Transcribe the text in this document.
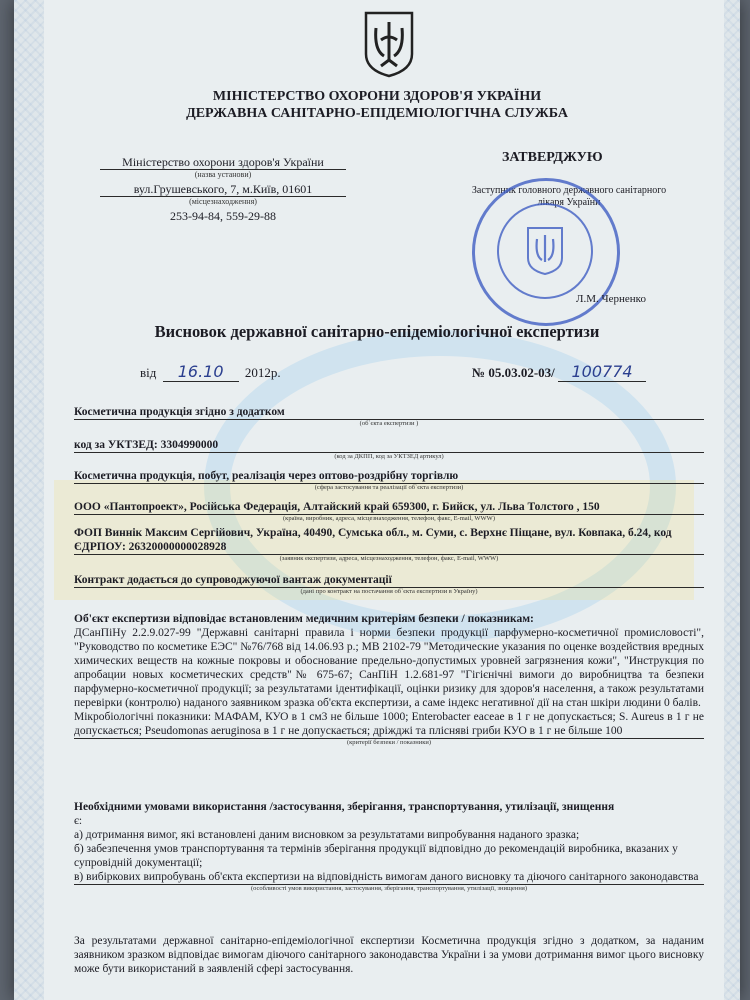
МІНІСТЕРСТВО ОХОРОНИ ЗДОРОВ'Я УКРАЇНИ
ДЕРЖАВНА САНІТАРНО-ЕПІДЕМІОЛОГІЧНА СЛУЖБА
Міністерство охорони здоров'я України
(назва установи)
вул.Грушевського, 7, м.Київ, 01601
(місцезнаходження)
253-94-84, 559-29-88
ЗАТВЕРДЖУЮ
Заступник головного державного санітарного лікаря України
Л.М. Черненко
Висновок державної санітарно-епідеміологічної експертизи
від 16.10 2012р.	№ 05.03.02-03/ 100774
Косметична продукція згідно з додатком
(об`єкта експертизи )
код за УКТЗЕД: 3304990000
(код за ДКПП, код за УКТЗЕД артикул)
Косметична продукція, побут, реалізація через оптово-роздрібну торгівлю
(сфера застосування та реалізації об`єкта експертизи)
ООО «Пантопроект», Російська Федерація, Алтайский край 659300, г. Бийск, ул. Льва Толстого , 150
(країна, виробник, адреса, місцезнаходження, телефон, факс, E-mail, WWW)
ФОП Виннік Максим Сергійович, Україна, 40490, Сумська обл., м. Суми, с. Верхнє Піщане, вул. Ковпака, б.24, код ЄДРПОУ: 26320000000028928
(заявник експертизи, адреса, місцезнаходження, телефон, факс, E-mail, WWW)
Контракт додається до супроводжуючої вантаж документації
(дані про контракт на постачання об`єкта експертизи в Україну)
Об'єкт експертизи відповідає встановленим медичним критеріям безпеки / показникам:
ДСанПіНу 2.2.9.027-99 "Державні санітарні правила і норми безпеки продукції парфумерно-косметичної промисловості", "Руководство по косметике ЕЭС" №76/768 від 14.06.93 р.; МВ 2102-79 "Методические указания по оценке воздействия вредных химических веществ на кожные покровы и обоснование предельно-допустимых уровней загрязнения кожи", "Инструкция по апробации новых косметических средств"№ 675-67; СанПіН 1.2.681-97 "Гігієнічні вимоги до виробництва та безпеки парфумерно-косметичної продукції; за результатами ідентифікації, оцінки ризику для здоров'я населення, а також результатами перевірки (контролю) наданого заявником зразка об'єкта експертизи, а саме індекс негативної дії на стан шкіри людини 0 балів.
Мікробіологічні показники: МАФАМ, КУО в 1 см3 не більше 1000; Enterobacter еасеае в 1 г не допускається; S. Aureus в 1 г не допускається; Pseudomonas aeruginosa в 1 г не допускається; дріжджі та плісняві гриби КУО в 1 г не більше 100
(критерії безпеки / показники)
Необхідними умовами використання /застосування, зберігання, транспортування, утилізації, знищення
є:
а) дотримання вимог, які встановлені даним висновком за результатами випробування наданого зразка;
б) забезпечення умов транспортування та термінів зберігання продукції відповідно до рекомендацій виробника, вказаних у супровідній документації;
в) вибіркових випробувань об'єкта експертизи на відповідність вимогам даного висновку та діючого санітарного законодавства
(особливості умов використання, застосування, зберігання, транспортування, утилізації, знищення)
За результатами державної санітарно-епідеміологічної експертизи Косметична продукція згідно з додатком, за наданим заявником зразком відповідає вимогам діючого санітарного законодавства України і за умови дотримання вимог цього висновку може бути використаний в заявленій сфері застосування.
